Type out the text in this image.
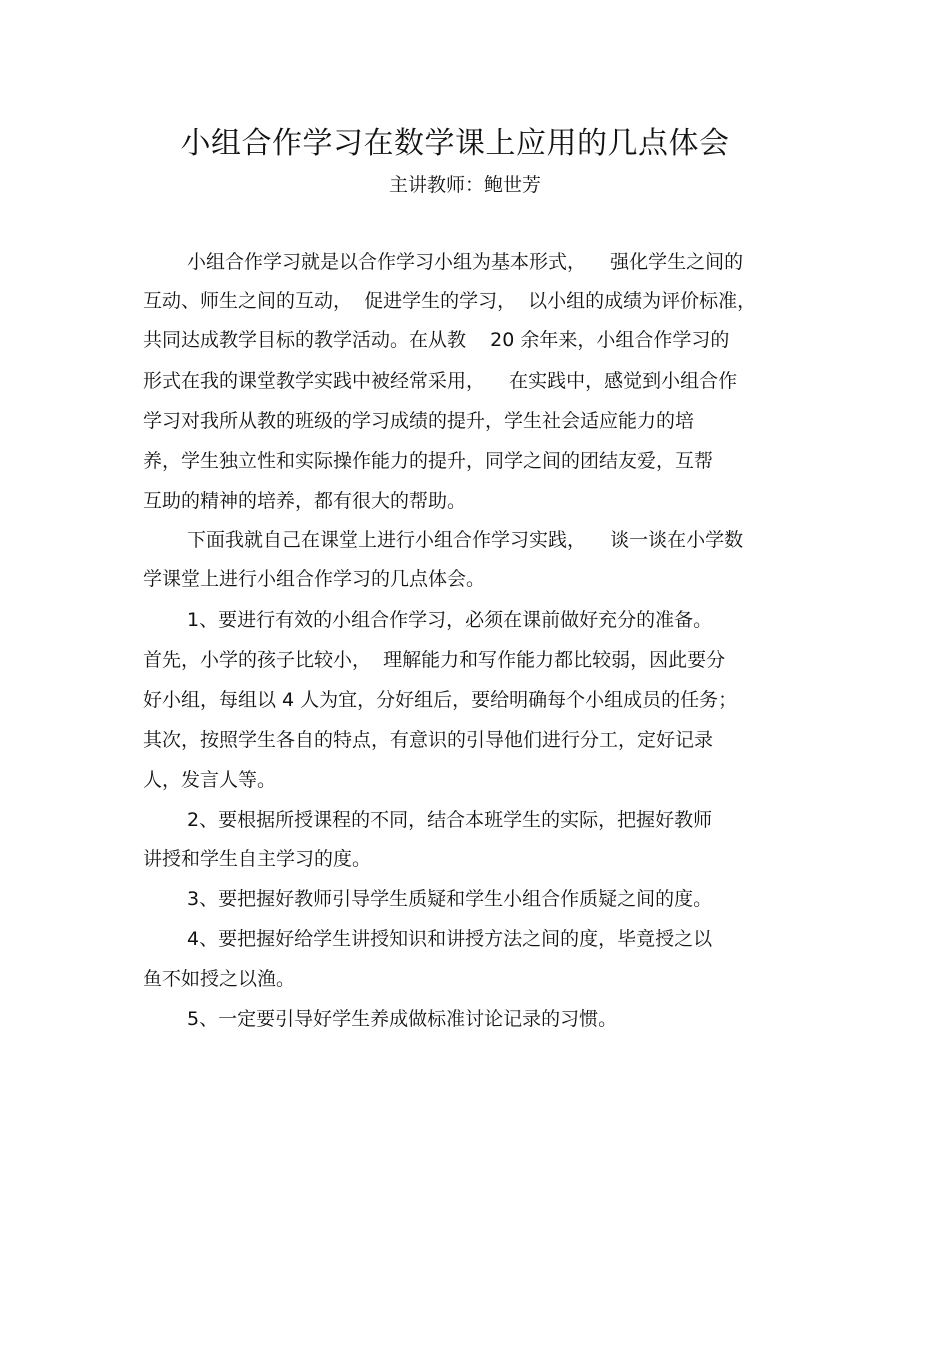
小组合作学习在数学课上应用的几点体会

主讲教师：鲍世芳

小组合作学习就是以合作学习小组为基本形式，    强化学生之间的

互动、师生之间的互动，  促进学生的学习，  以小组的成绩为评价标准，

共同达成教学目标的教学活动。在从教    20 余年来，小组合作学习的

形式在我的课堂教学实践中被经常采用，    在实践中，感觉到小组合作

学习对我所从教的班级的学习成绩的提升，学生社会适应能力的培

养，学生独立性和实际操作能力的提升，同学之间的团结友爱，互帮

互助的精神的培养，都有很大的帮助。

下面我就自己在课堂上进行小组合作学习实践，    谈一谈在小学数

学课堂上进行小组合作学习的几点体会。

1、要进行有效的小组合作学习，必须在课前做好充分的准备。

首先，小学的孩子比较小，  理解能力和写作能力都比较弱，因此要分

好小组，每组以 4 人为宜，分好组后，要给明确每个小组成员的任务；

其次，按照学生各自的特点，有意识的引导他们进行分工，定好记录

人，发言人等。

2、要根据所授课程的不同，结合本班学生的实际，把握好教师

讲授和学生自主学习的度。

3、要把握好教师引导学生质疑和学生小组合作质疑之间的度。

4、要把握好给学生讲授知识和讲授方法之间的度，毕竟授之以

鱼不如授之以渔。

5、一定要引导好学生养成做标准讨论记录的习惯。
